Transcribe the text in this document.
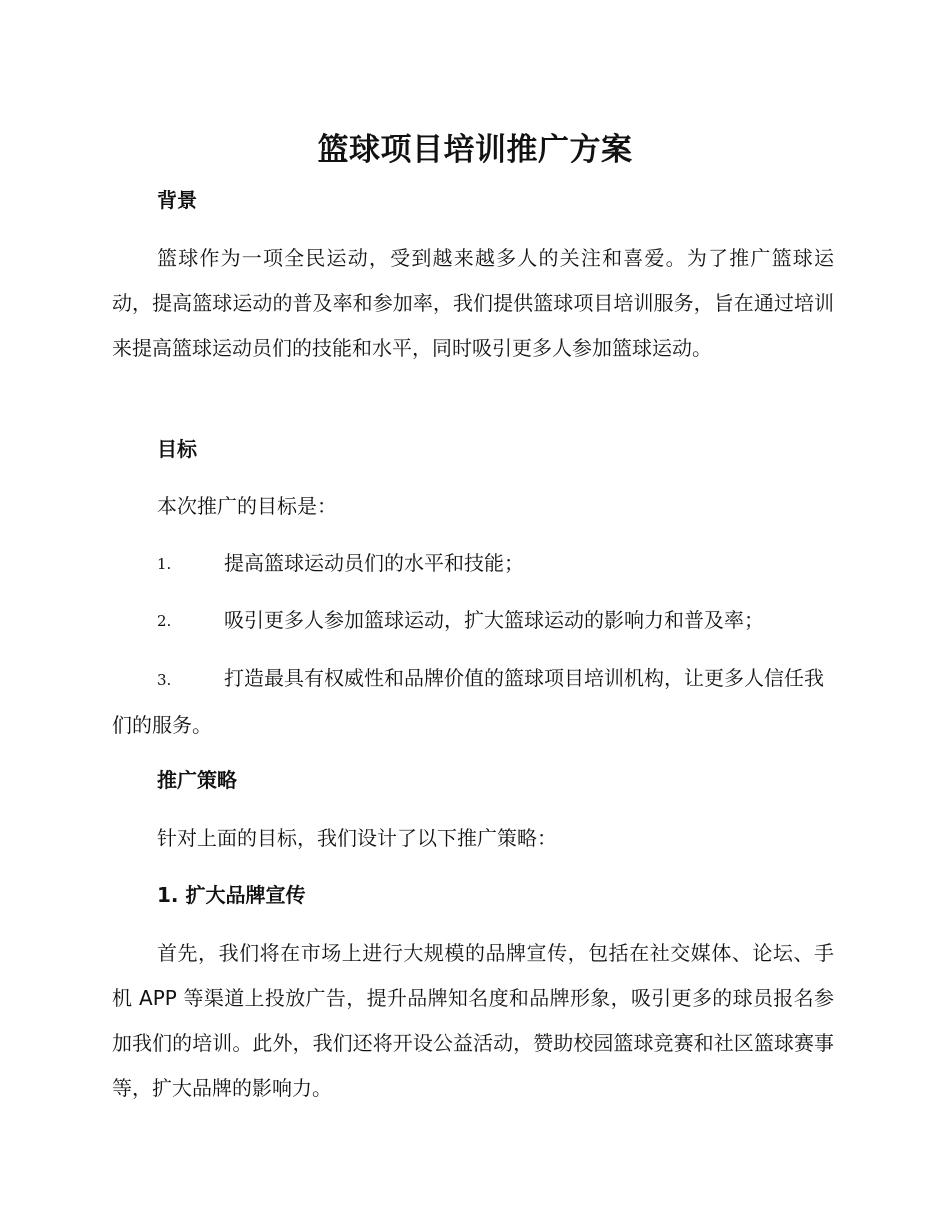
篮球项目培训推广方案
背景

篮球作为一项全民运动，受到越来越多人的关注和喜爱。为了推广篮球运动，提高篮球运动的普及率和参加率，我们提供篮球项目培训服务，旨在通过培训来提高篮球运动员们的技能和水平，同时吸引更多人参加篮球运动。

目标
本次推广的目标是：
1.	提高篮球运动员们的水平和技能；
2.	吸引更多人参加篮球运动，扩大篮球运动的影响力和普及率；

3.	打造最具有权威性和品牌价值的篮球项目培训机构，让更多人信任我们的服务。

推广策略
针对上面的目标，我们设计了以下推广策略：
1. 扩大品牌宣传

首先，我们将在市场上进行大规模的品牌宣传，包括在社交媒体、论坛、手机 APP 等渠道上投放广告，提升品牌知名度和品牌形象，吸引更多的球员报名参加我们的培训。此外，我们还将开设公益活动，赞助校园篮球竞赛和社区篮球赛事等，扩大品牌的影响力。
